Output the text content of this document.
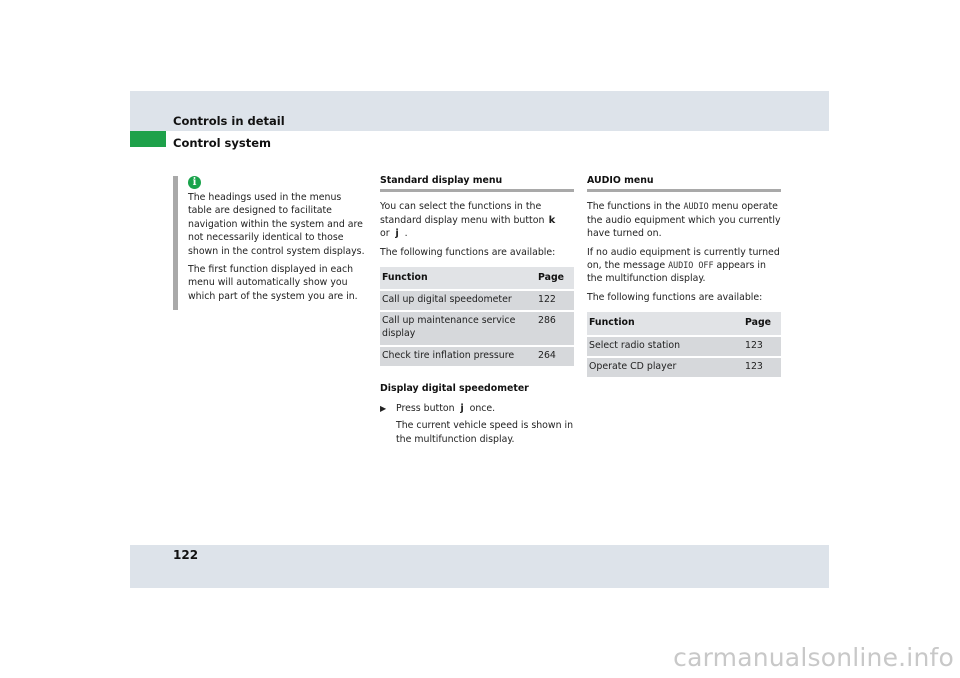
Controls in detail
Control system
i

The headings used in the menus table are designed to facilitate navigation within the system and are not necessarily identical to those shown in the control system displays.

The first function displayed in each menu will automatically show you which part of the system you are in.

Standard display menu

You can select the functions in the standard display menu with button k
or j .

The following functions are available:

Function	Page
Call up digital speedometer	122
Call up maintenance service display	286
Check tire inflation pressure	264
Display digital speedometer
▶	Press button j once.

The current vehicle speed is shown in the multifunction display.

AUDIO menu

The functions in the AUDIO menu operate the audio equipment which you currently have turned on.

If no audio equipment is currently turned on, the message AUDIO OFF appears in the multifunction display.

The following functions are available:

Function	Page
Select radio station	123
Operate CD player	123
122
carmanualsonline.info
